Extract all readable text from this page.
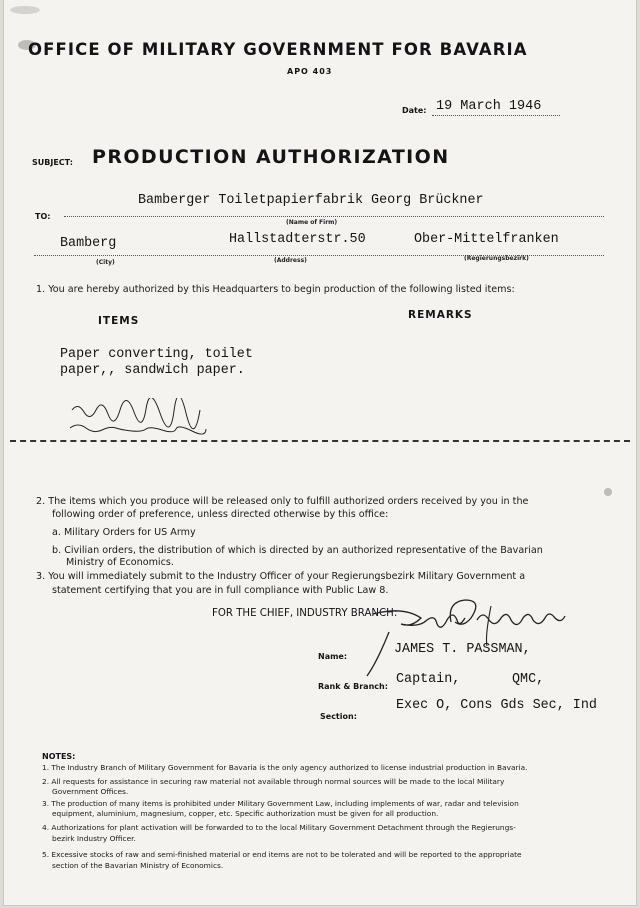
OFFICE OF MILITARY GOVERNMENT FOR BAVARIA
APO 403
Date: 19 March 1946
SUBJECT: PRODUCTION AUTHORIZATION
TO:
Bamberger Toiletpapierfabrik Georg Brückner
(Name of Firm)
Bamberg	Hallstadterstr.50	Ober-Mittelfranken
(City)	(Address)	(Regierungsbezirk)
1. You are hereby authorized by this Headquarters to begin production of the following listed items:
ITEMS	REMARKS
Paper converting, toilet
paper,, sandwich paper.
2. The items which you produce will be released only to fulfill authorized orders received by you in the
following order of preference, unless directed otherwise by this office:
a. Military Orders for US Army
b. Civilian orders, the distribution of which is directed by an authorized representative of the Bavarian
Ministry of Economics.
3. You will immediately submit to the Industry Officer of your Regierungsbezirk Military Government a
statement certifying that you are in full compliance with Public Law 8.
FOR THE CHIEF, INDUSTRY BRANCH:
Name:	JAMES T. PASSMAN,
Rank & Branch: Captain,	QMC,
Section:
Exec O, Cons Gds Sec, Ind
NOTES:
1. The Industry Branch of Military Government for Bavaria is the only agency authorized to license industrial production in Bavaria.
2. All requests for assistance in securing raw material not available through normal sources will be made to the local Military
Government Offices.
3. The production of many items is prohibited under Military Government Law, including implements of war, radar and television
equipment, aluminium, magnesium, copper, etc. Specific authorization must be given for all production.
4. Authorizations for plant activation will be forwarded to to the local Military Government Detachment through the Regierungs-
bezirk Industry Officer.
5. Excessive stocks of raw and semi-finished material or end items are not to be tolerated and will be reported to the appropriate
section of the Bavarian Ministry of Economics.
